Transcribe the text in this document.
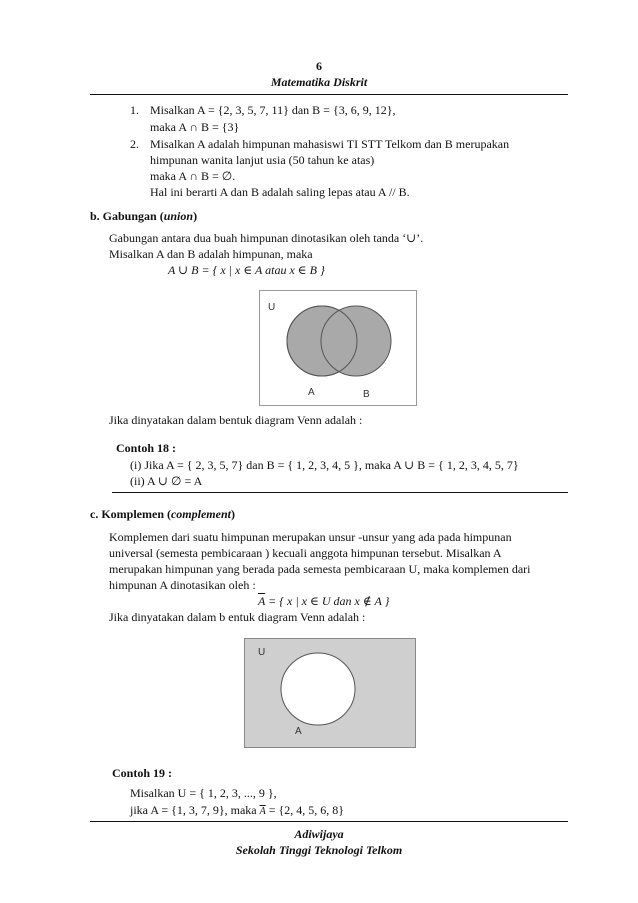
6
Matematika Diskrit
1. Misalkan A = {2, 3, 5, 7, 11} dan B = {3, 6, 9, 12},
maka A ∩ B = {3}
2. Misalkan A adalah himpunan mahasiswi TI STT Telkom dan B merupakan
himpunan wanita lanjut usia (50 tahun ke atas)
maka A ∩ B = ∅.
Hal ini berarti A dan B adalah saling lepas atau A // B.
b. Gabungan (union)
Gabungan antara dua buah himpunan dinotasikan oleh tanda ‘∪’.
Misalkan A dan B adalah himpunan, maka
A ∪ B = { x | x ∈ A atau x ∈ B }
U
A	B
Jika dinyatakan dalam bentuk diagram Venn adalah :
Contoh 18 :
(i) Jika A = { 2, 3, 5, 7} dan B = { 1, 2, 3, 4, 5 }, maka A ∪ B = { 1, 2, 3, 4, 5, 7}
(ii) A ∪ ∅ = A
c. Komplemen (complement)
Komplemen dari suatu himpunan merupakan unsur -unsur yang ada pada himpunan
universal (semesta pembicaraan ) kecuali anggota himpunan tersebut. Misalkan A
merupakan himpunan yang berada pada semesta pembicaraan U, maka komplemen dari
himpunan A dinotasikan oleh :
$\overline{A}$ = { x | x ∈ U dan x ∉ A }
Jika dinyatakan dalam b entuk diagram Venn adalah :
U
A
Contoh 19 :
Misalkan U = { 1, 2, 3, ..., 9 },
jika A = {1, 3, 7, 9}, maka $\overline{A} = \{2$, 4, 5, 6, 8}
Adiwijaya
Sekolah Tinggi Teknologi Telkom
